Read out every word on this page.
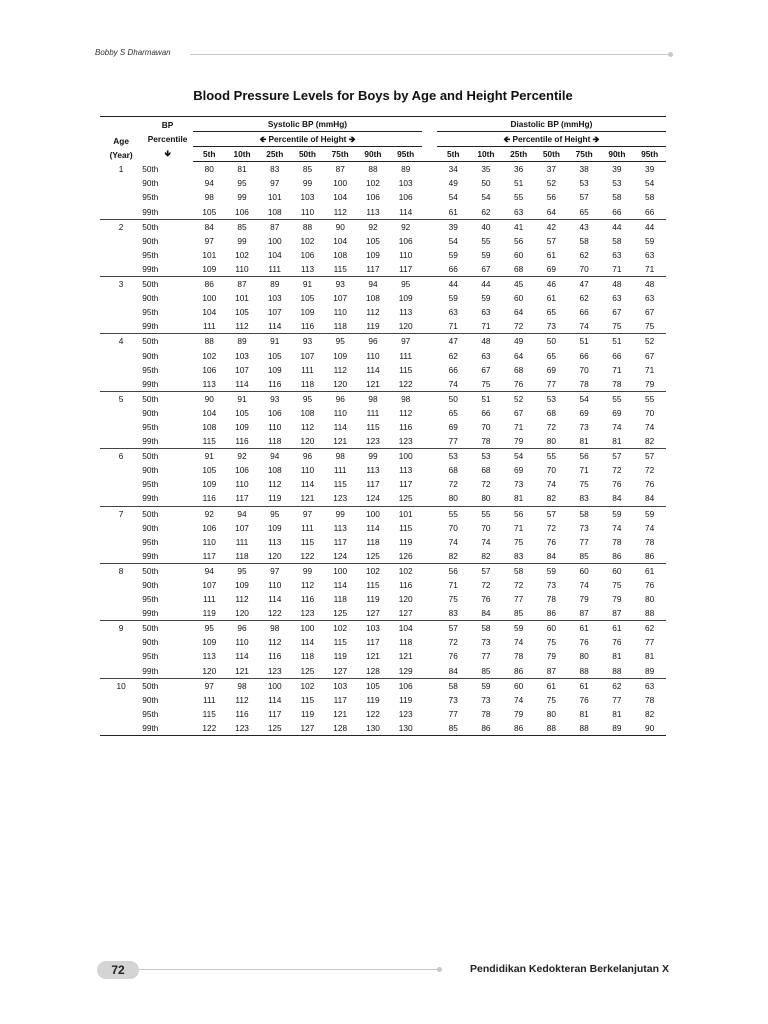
Bobby S Dharmawan
Blood Pressure Levels for Boys by Age and Height Percentile
Age
(Year)	BP
Percentile
🡻	Systolic BP (mmHg)								Diastolic BP (mmHg)						
		🡸 Percentile of Height 🡺								🡸 Percentile of Height 🡺						
		5th	10th	25th	50th	75th	90th	95th		5th	10th	25th	50th	75th	90th	95th
1	50th	80	81	83	85	87	88	89		34	35	36	37	38	39	39
	90th	94	95	97	99	100	102	103		49	50	51	52	53	53	54
	95th	98	99	101	103	104	106	106		54	54	55	56	57	58	58
	99th	105	106	108	110	112	113	114		61	62	63	64	65	66	66
2	50th	84	85	87	88	90	92	92		39	40	41	42	43	44	44
	90th	97	99	100	102	104	105	106		54	55	56	57	58	58	59
	95th	101	102	104	106	108	109	110		59	59	60	61	62	63	63
	99th	109	110	111	113	115	117	117		66	67	68	69	70	71	71
3	50th	86	87	89	91	93	94	95		44	44	45	46	47	48	48
	90th	100	101	103	105	107	108	109		59	59	60	61	62	63	63
	95th	104	105	107	109	110	112	113		63	63	64	65	66	67	67
	99th	111	112	114	116	118	119	120		71	71	72	73	74	75	75
4	50th	88	89	91	93	95	96	97		47	48	49	50	51	51	52
	90th	102	103	105	107	109	110	111		62	63	64	65	66	66	67
	95th	106	107	109	111	112	114	115		66	67	68	69	70	71	71
	99th	113	114	116	118	120	121	122		74	75	76	77	78	78	79
5	50th	90	91	93	95	96	98	98		50	51	52	53	54	55	55
	90th	104	105	106	108	110	111	112		65	66	67	68	69	69	70
	95th	108	109	110	112	114	115	116		69	70	71	72	73	74	74
	99th	115	116	118	120	121	123	123		77	78	79	80	81	81	82
6	50th	91	92	94	96	98	99	100		53	53	54	55	56	57	57
	90th	105	106	108	110	111	113	113		68	68	69	70	71	72	72
	95th	109	110	112	114	115	117	117		72	72	73	74	75	76	76
	99th	116	117	119	121	123	124	125		80	80	81	82	83	84	84
7	50th	92	94	95	97	99	100	101		55	55	56	57	58	59	59
	90th	106	107	109	111	113	114	115		70	70	71	72	73	74	74
	95th	110	111	113	115	117	118	119		74	74	75	76	77	78	78
	99th	117	118	120	122	124	125	126		82	82	83	84	85	86	86
8	50th	94	95	97	99	100	102	102		56	57	58	59	60	60	61
	90th	107	109	110	112	114	115	116		71	72	72	73	74	75	76
	95th	111	112	114	116	118	119	120		75	76	77	78	79	79	80
	99th	119	120	122	123	125	127	127		83	84	85	86	87	87	88
9	50th	95	96	98	100	102	103	104		57	58	59	60	61	61	62
	90th	109	110	112	114	115	117	118		72	73	74	75	76	76	77
	95th	113	114	116	118	119	121	121		76	77	78	79	80	81	81
	99th	120	121	123	125	127	128	129		84	85	86	87	88	88	89
10	50th	97	98	100	102	103	105	106		58	59	60	61	61	62	63
	90th	111	112	114	115	117	119	119		73	73	74	75	76	77	78
	95th	115	116	117	119	121	122	123		77	78	79	80	81	81	82
	99th	122	123	125	127	128	130	130		85	86	86	88	88	89	90
72	Pendidikan Kedokteran Berkelanjutan X
